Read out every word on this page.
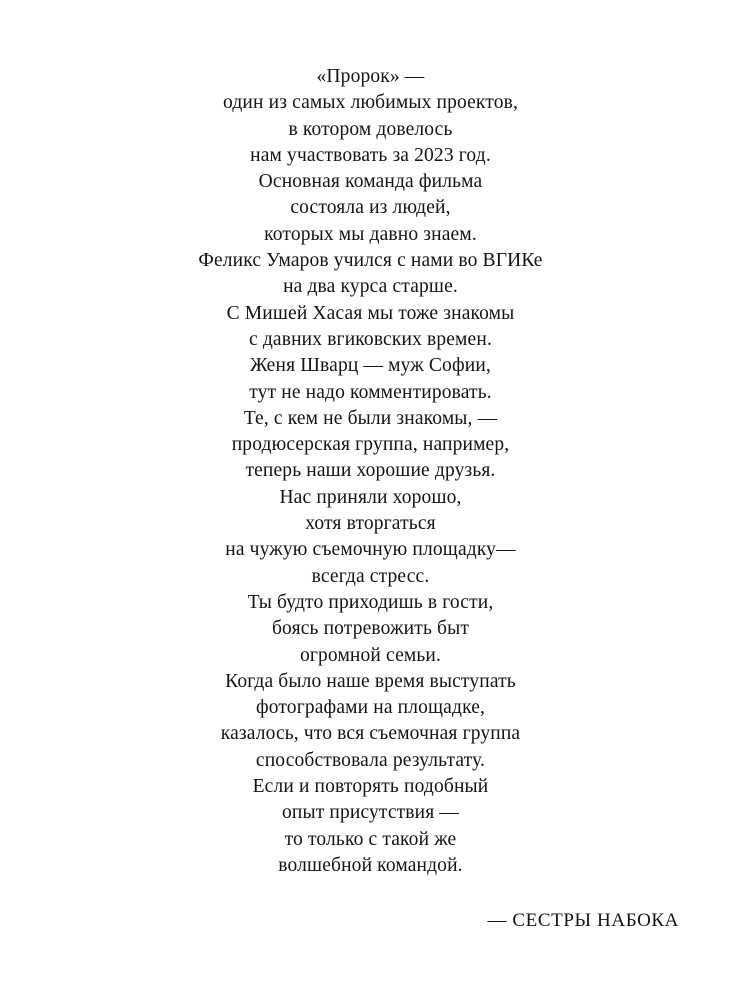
«Пророк» —
один из самых любимых проектов,
в котором довелось
нам участвовать за 2023 год.
Основная команда фильма
состояла из людей,
которых мы давно знаем.
Феликс Умаров учился с нами во ВГИКе
на два курса старше.
С Мишей Хасая мы тоже знакомы
с давних вгиковских времен.
Женя Шварц — муж Софии,
тут не надо комментировать.
Те, с кем не были знакомы, —
продюсерская группа, например,
теперь наши хорошие друзья.
Нас приняли хорошо,
хотя вторгаться
на чужую съемочную площадку—
всегда стресс.
Ты будто приходишь в гости,
боясь потревожить быт
огромной семьи.
Когда было наше время выступать
фотографами на площадке,
казалось, что вся съемочная группа
способствовала результату.
Если и повторять подобный
опыт присутствия —
то только с такой же
волшебной командой.
— СЕСТРЫ НАБОКА
